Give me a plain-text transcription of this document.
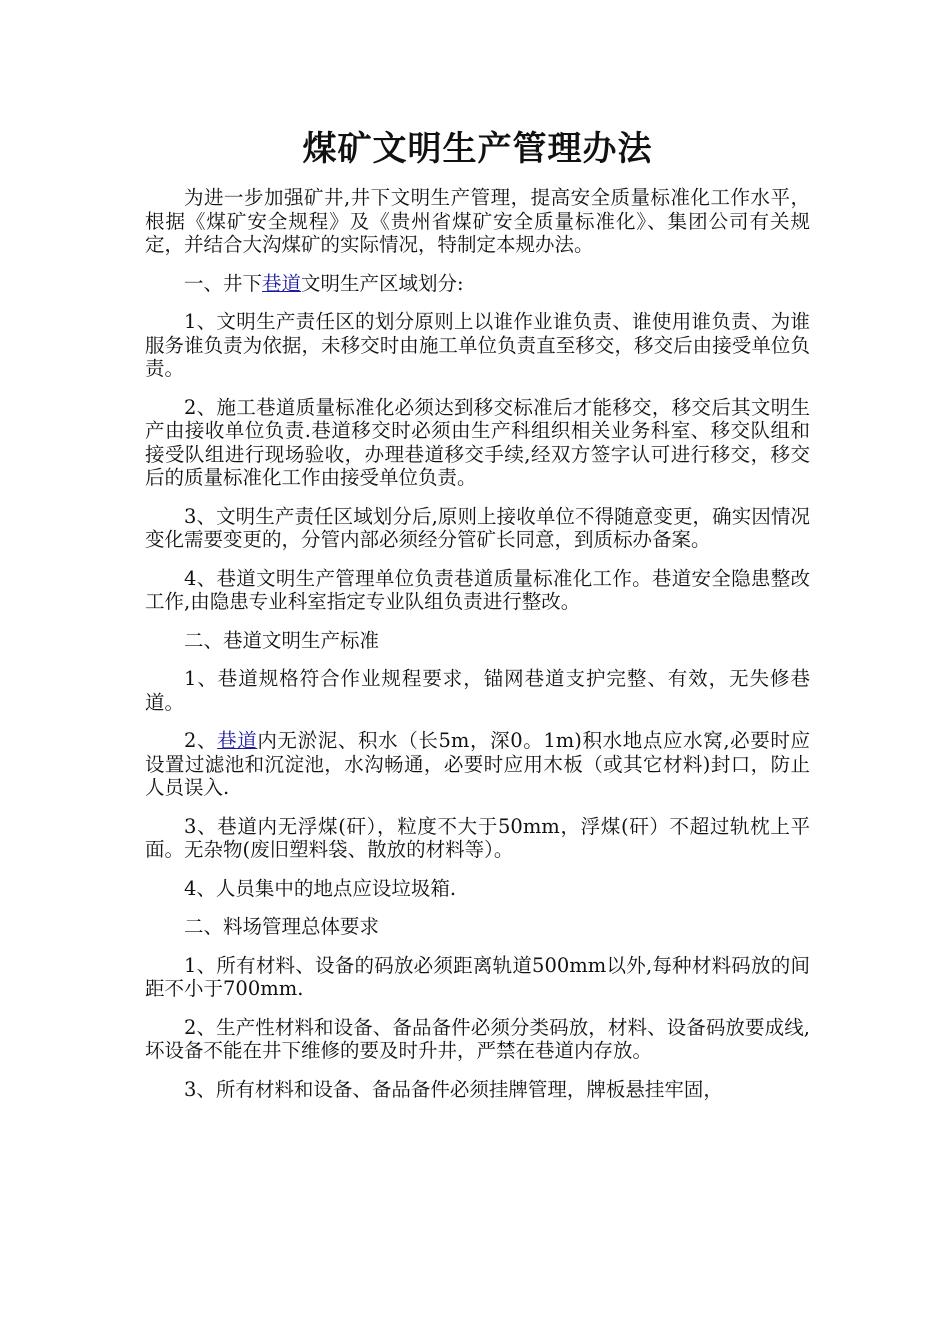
煤矿文明生产管理办法

为进一步加强矿井,井下文明生产管理，提高安全质量标准化工作水平，根据《煤矿安全规程》及《贵州省煤矿安全质量标准化》、集团公司有关规定，并结合大沟煤矿的实际情况，特制定本规办法。

一、井下巷道文明生产区域划分:

1、文明生产责任区的划分原则上以谁作业谁负责、谁使用谁负责、为谁服务谁负责为依据，未移交时由施工单位负责直至移交，移交后由接受单位负责。

2、施工巷道质量标准化必须达到移交标准后才能移交，移交后其文明生产由接收单位负责.巷道移交时必须由生产科组织相关业务科室、移交队组和接受队组进行现场验收，办理巷道移交手续,经双方签字认可进行移交，移交后的质量标准化工作由接受单位负责。

3、文明生产责任区域划分后,原则上接收单位不得随意变更，确实因情况变化需要变更的，分管内部必须经分管矿长同意，到质标办备案。

4、巷道文明生产管理单位负责巷道质量标准化工作。巷道安全隐患整改工作,由隐患专业科室指定专业队组负责进行整改。

二、巷道文明生产标准

1、巷道规格符合作业规程要求，锚网巷道支护完整、有效，无失修巷道。

2、巷道内无淤泥、积水（长5m，深0。1m)积水地点应水窝,必要时应设置过滤池和沉淀池，水沟畅通，必要时应用木板（或其它材料)封口，防止人员误入.

3、巷道内无浮煤(矸），粒度不大于50mm，浮煤(矸）不超过轨枕上平面。无杂物(废旧塑料袋、散放的材料等）。

4、人员集中的地点应设垃圾箱.

二、料场管理总体要求

1、所有材料、设备的码放必须距离轨道500mm以外,每种材料码放的间距不小于700mm.

2、生产性材料和设备、备品备件必须分类码放，材料、设备码放要成线,坏设备不能在井下维修的要及时升井，严禁在巷道内存放。

3、所有材料和设备、备品备件必须挂牌管理，牌板悬挂牢固，
